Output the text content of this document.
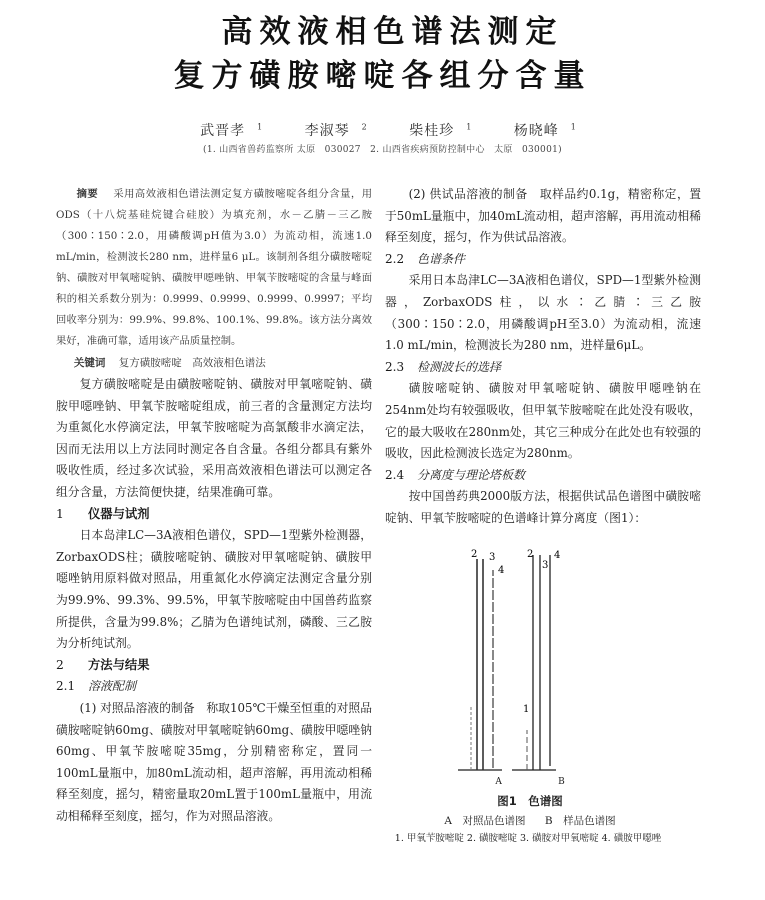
高效液相色谱法测定
复方磺胺嘧啶各组分含量
武晋孝 $^1$	李淑琴 $^2$	柴桂珍 $^1$	杨晓峰 $^1$
(1. 山西省兽药监察所 太原　030027　2. 山西省疾病预防控制中心　太原　030001)

摘要 采用高效液相色谱法测定复方磺胺嘧啶各组分含量，用ODS（十八烷基硅烷键合硅胶）为填充剂，水－乙腈－三乙胺（300∶150∶2.0，用磷酸调pH值为3.0）为流动相，流速1.0 mL/min，检测波长280 nm，进样量6 μL。该制剂各组分磺胺嘧啶钠、磺胺对甲氧嘧啶钠、磺胺甲噁唑钠、甲氧苄胺嘧啶的含量与峰面积的相关系数分别为：0.9999、0.9999、0.9999、0.9997；平均回收率分别为：99.9%、99.8%、100.1%、99.8%。该方法分离效果好，准确可靠，适用该产品质量控制。

关键词 复方磺胺嘧啶　高效液相色谱法

复方磺胺嘧啶是由磺胺嘧啶钠、磺胺对甲氧嘧啶钠、磺胺甲噁唑钠、甲氧苄胺嘧啶组成，前三者的含量测定方法均为重氮化水停滴定法，甲氧苄胺嘧啶为高氯酸非水滴定法，因而无法用以上方法同时测定各自含量。各组分都具有紫外吸收性质，经过多次试验，采用高效液相色谱法可以测定各组分含量，方法简便快捷，结果准确可靠。

1 仪器与试剂

日本岛津LC—3A液相色谱仪，SPD—1型紫外检测器，ZorbaxODS柱；磺胺嘧啶钠、磺胺对甲氧嘧啶钠、磺胺甲噁唑钠用原料做对照品，用重氮化水停滴定法测定含量分别为99.9%、99.3%、99.5%，甲氧苄胺嘧啶由中国兽药监察所提供，含量为99.8%；乙腈为色谱纯试剂，磷酸、三乙胺为分析纯试剂。

2 方法与结果
2.1 溶液配制

(1) 对照品溶液的制备　称取105℃干燥至恒重的对照品磺胺嘧啶钠60mg、磺胺对甲氧嘧啶钠60mg、磺胺甲噁唑钠60mg、甲氧苄胺嘧啶35mg，分别精密称定，置同一100mL量瓶中，加80mL流动相，超声溶解，再用流动相稀释至刻度，摇匀，精密量取20mL置于100mL量瓶中，用流动相稀释至刻度，摇匀，作为对照品溶液。

(2) 供试品溶液的制备　取样品约0.1g，精密称定，置于50mL量瓶中，加40mL流动相，超声溶解，再用流动相稀释至刻度，摇匀，作为供试品溶液。

2.2 色谱条件

采用日本岛津LC—3A液相色谱仪，SPD—1型紫外检测器，ZorbaxODS柱，以水∶乙腈∶三乙胺（300∶150∶2.0，用磷酸调pH至3.0）为流动相，流速1.0 mL/min，检测波长为280 nm，进样量6μL。

2.3 检测波长的选择

磺胺嘧啶钠、磺胺对甲氧嘧啶钠、磺胺甲噁唑钠在254nm处均有较强吸收，但甲氧苄胺嘧啶在此处没有吸收，它的最大吸收在280nm处，其它三种成分在此处也有较强的吸收，因此检测波长选定为280nm。

2.4 分离度与理论塔板数

按中国兽药典2000版方法，根据供试品色谱图中磺胺嘧啶钠、甲氧苄胺嘧啶的色谱峰计算分离度（图1）：

2 3
4
1
2
3
4
A	B
图1　色谱图
A　对照品色谱图 B　样品色谱图
1. 甲氧苄胺嘧啶 2. 磺胺嘧啶 3. 磺胺对甲氧嘧啶 4. 磺胺甲噁唑
